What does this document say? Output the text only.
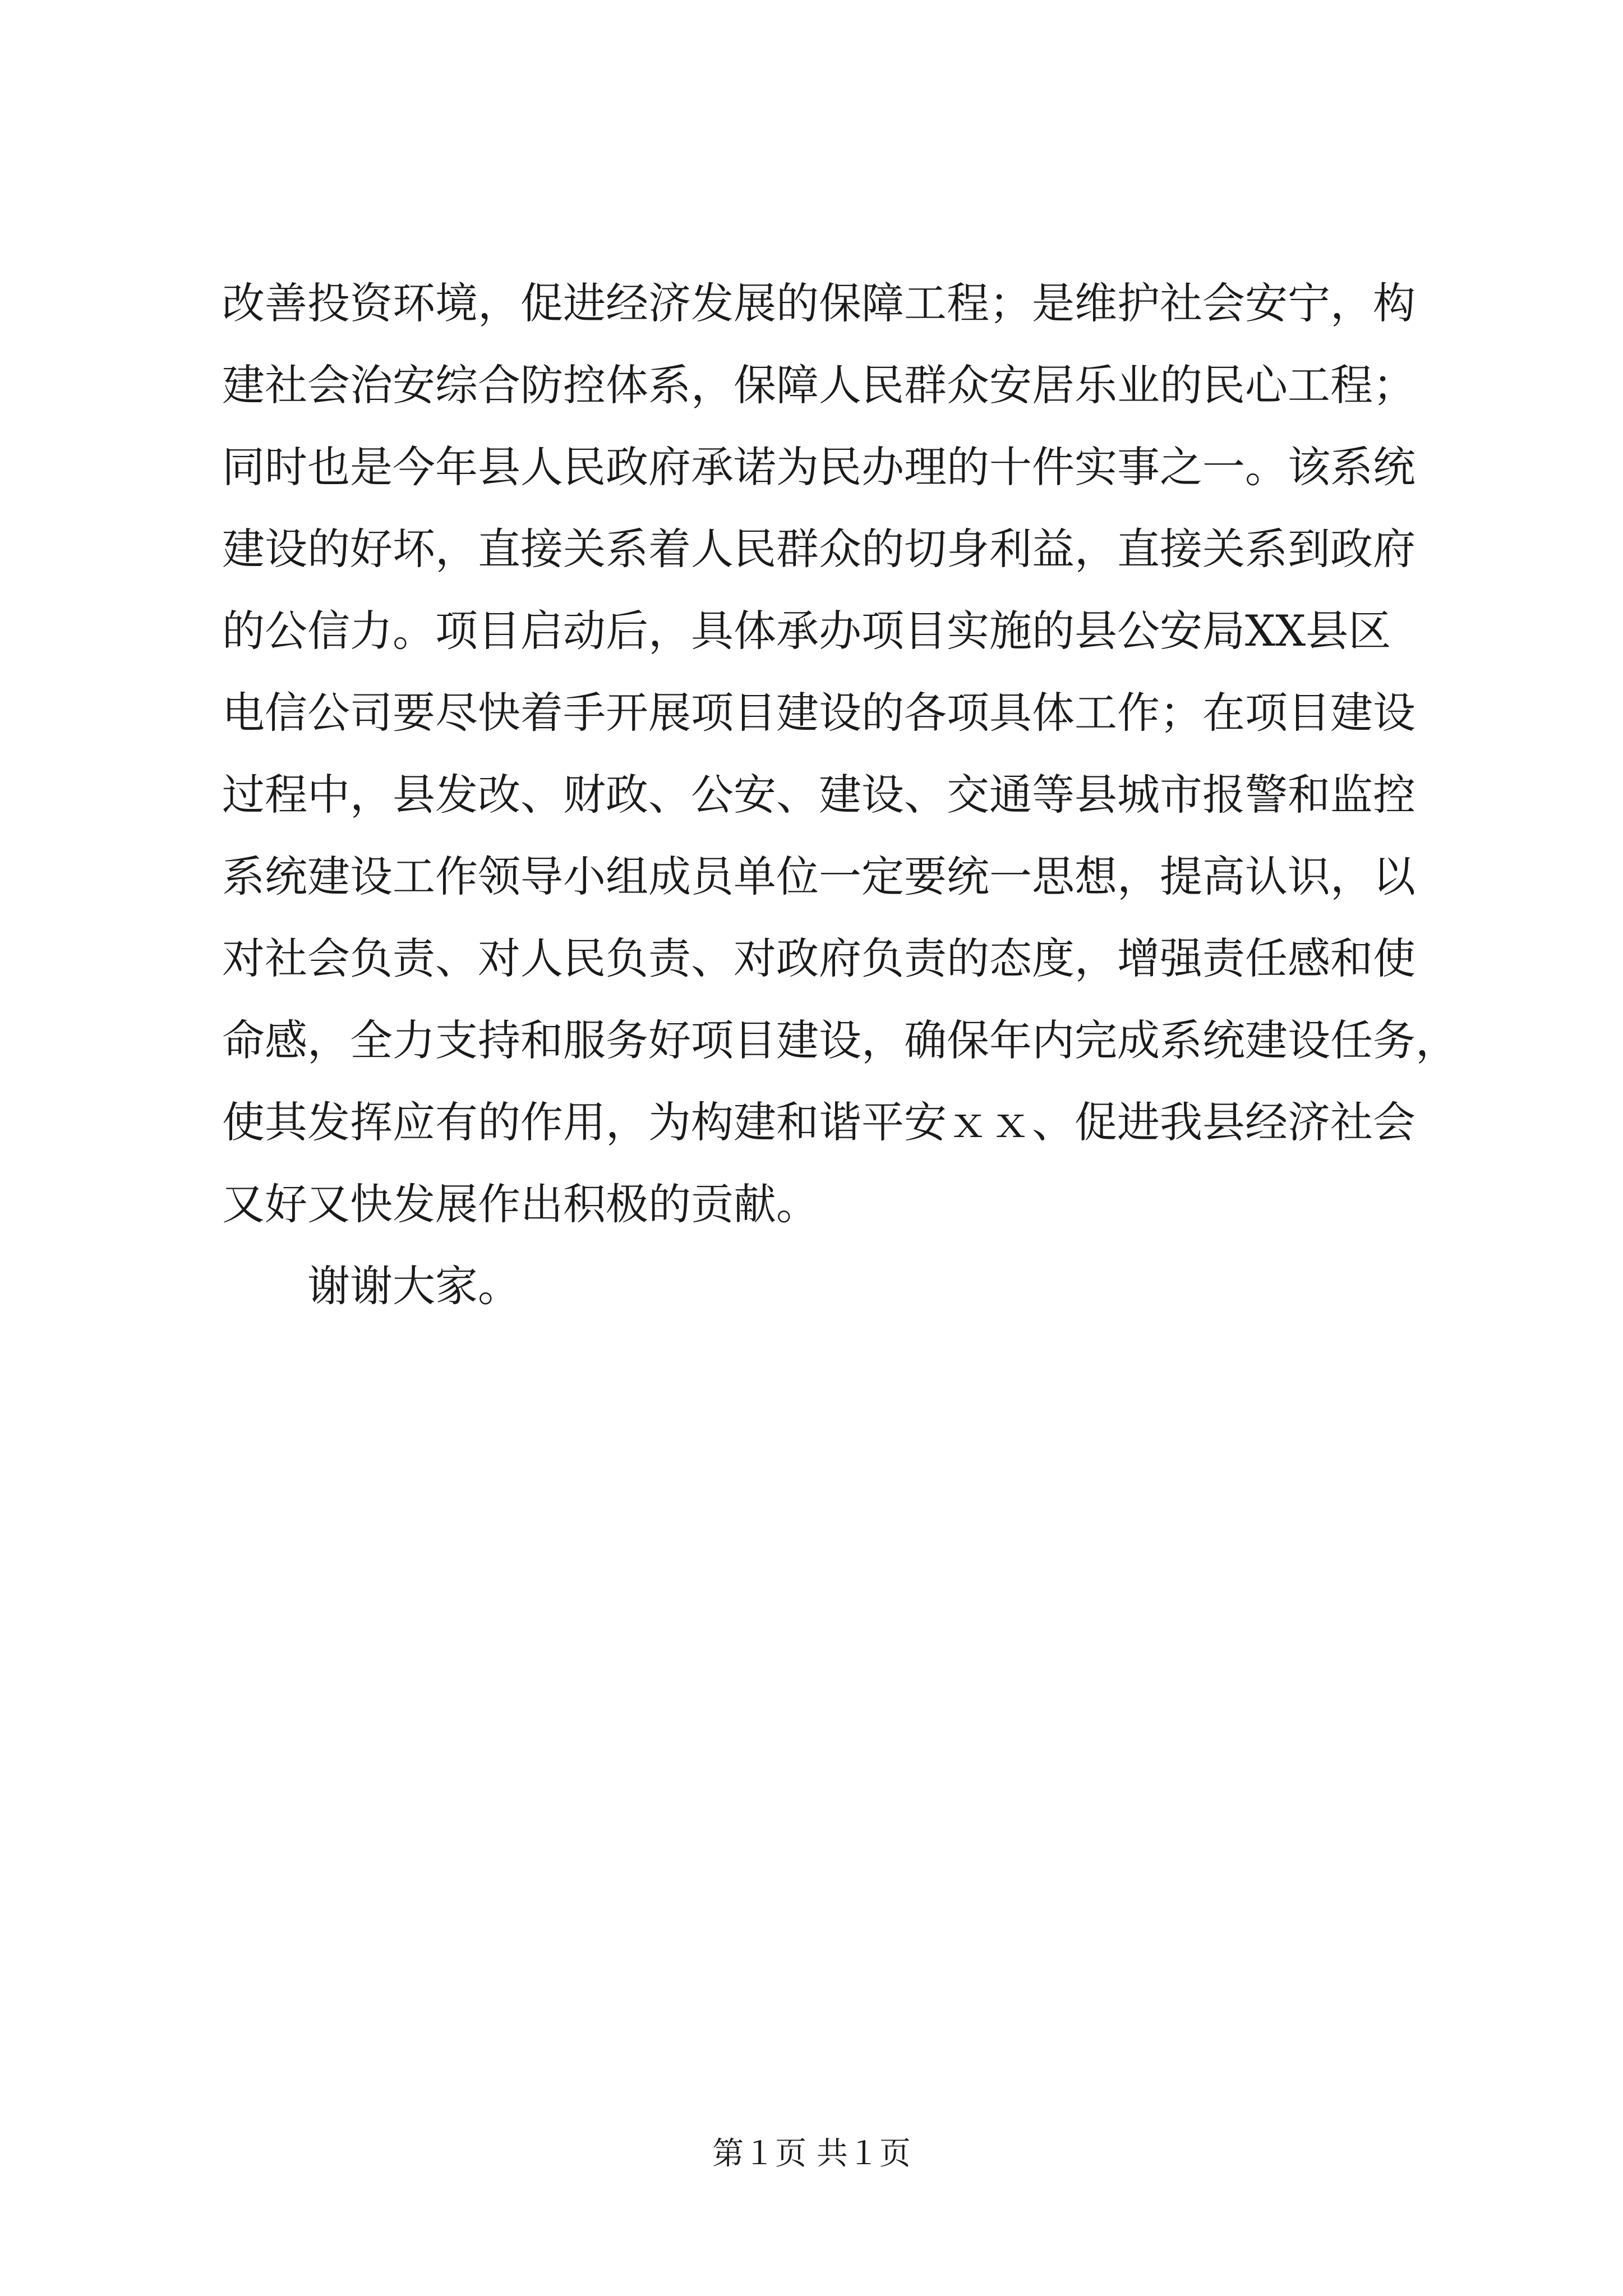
改善投资环境，促进经济发展的保障工程；是维护社会安宁，构
建社会治安综合防控体系，保障人民群众安居乐业的民心工程；
同时也是今年县人民政府承诺为民办理的十件实事之一。该系统
建设的好坏，直接关系着人民群众的切身利益，直接关系到政府
的公信力。项目启动后，具体承办项目实施的县公安局XX县区
电信公司要尽快着手开展项目建设的各项具体工作；在项目建设
过程中，县发改、财政、公安、建设、交通等县城市报警和监控
系统建设工作领导小组成员单位一定要统一思想，提高认识，以
对社会负责、对人民负责、对政府负责的态度，增强责任感和使
命感，全力支持和服务好项目建设，确保年内完成系统建设任务，
使其发挥应有的作用，为构建和谐平安ｘｘ、促进我县经济社会
又好又快发展作出积极的贡献。
谢谢大家。
第１页 共１页
